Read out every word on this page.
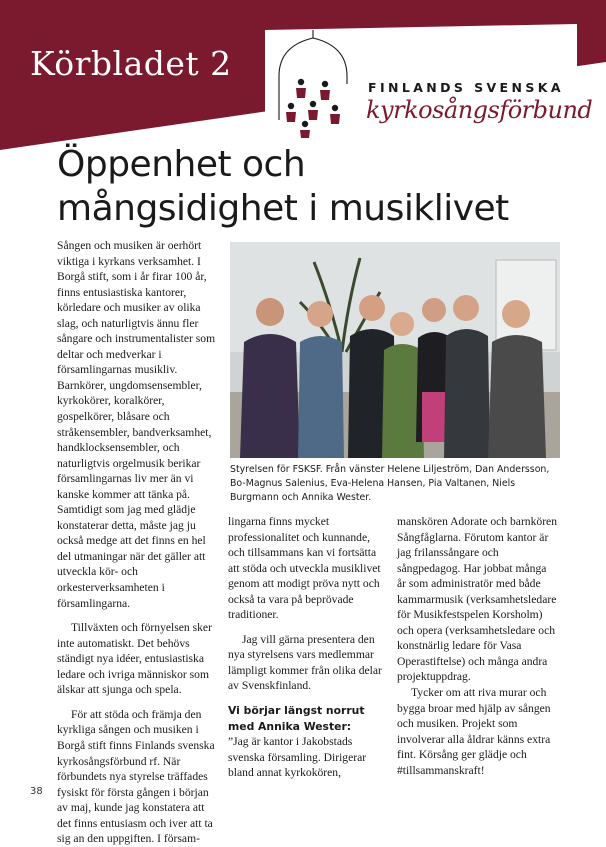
Körbladet 2
FINLANDS SVENSKA
kyrkosångsförbund
Öppenhet och
mångsidighet i musiklivet

Sången och musiken är oerhört viktiga i kyrkans verksamhet. I Borgå stift, som i år firar 100 år, finns entusiastiska kantorer, körledare och musiker av olika slag, och naturligtvis ännu fler sångare och instrumentalister som deltar och medverkar i församlingarnas musikliv. Barnkörer, ungdomsensembler, kyrkokörer, koralkörer, gospelkörer, blåsare och stråkensembler, bandverksamhet, handklocksensembler, och naturligtvis orgelmusik berikar församlingarnas liv mer än vi kanske kommer att tänka på. Samtidigt som jag med glädje konstaterar detta, måste jag ju också medge att det finns en hel del utmaningar när det gäller att utveckla kör- och orkesterverksamheten i församlingarna.

Tillväxten och förnyelsen sker inte automatiskt. Det behövs ständigt nya idéer, entusiastiska ledare och ivriga människor som älskar att sjunga och spela.

För att stöda och främja den kyrkliga sången och musiken i Borgå stift finns Finlands svenska kyrkosångsförbund rf. När förbundets nya styrelse träffades fysiskt för första gången i början av maj, kunde jag konstatera att det finns entusiasm och iver att ta sig an den uppgiften. I försam-

Styrelsen för FSKSF. Från vänster Helene Liljeström, Dan Andersson, Bo-Magnus Salenius, Eva-Helena Hansen, Pia Valtanen, Niels Burgmann och Annika Wester.

lingarna finns mycket professionalitet och kunnande, och tillsammans kan vi fortsätta att stöda och utveckla musiklivet genom att modigt pröva nytt och också ta vara på beprövade traditioner.

Jag vill gärna presentera den nya styrelsens vars medlemmar lämpligt kommer från olika delar av Svenskfinland.

Vi börjar längst norrut med Annika Wester:

”Jag är kantor i Jakobstads svenska församling. Dirigerar bland annat kyrkokören,

manskören Adorate och barnkören Sångfåglarna. Förutom kantor är jag frilanssångare och sångpedagog. Har jobbat många år som administratör med både kammarmusik (verksamhetsledare för Musikfestspelen Korsholm) och opera (verksamhetsledare och konstnärlig ledare för Vasa Operastiftelse) och många andra projektuppdrag.

Tycker om att riva murar och bygga broar med hjälp av sången och musiken. Projekt som involverar alla åldrar känns extra fint. Körsång ger glädje och #tillsammanskraft!

38
